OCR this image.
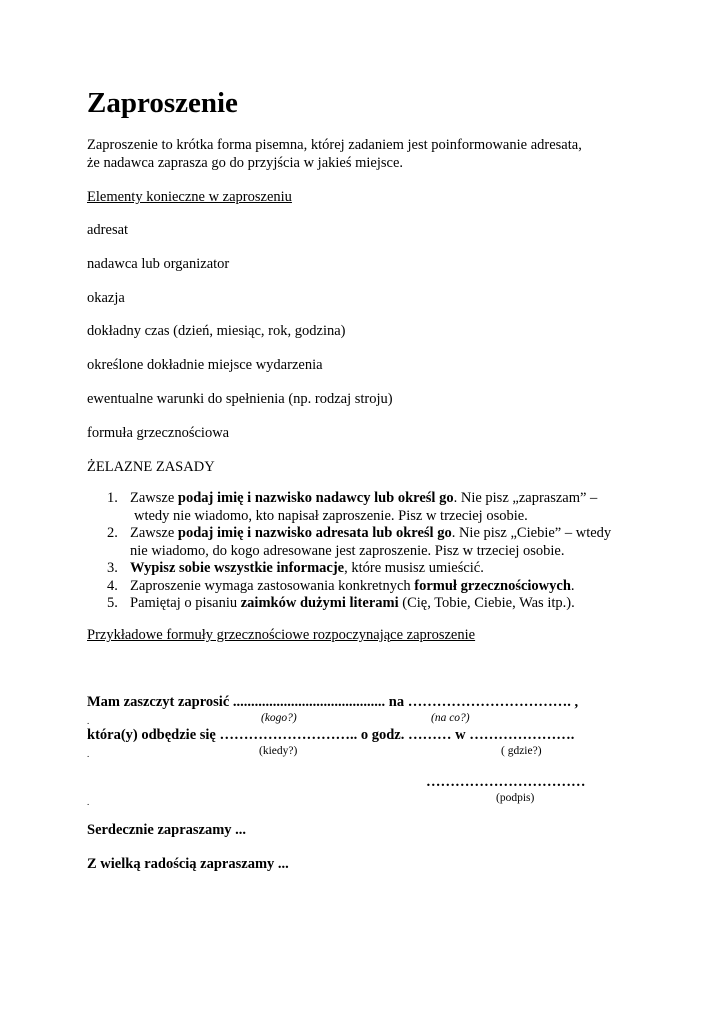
Zaproszenie
Zaproszenie to krótka forma pisemna, której zadaniem jest poinformowanie adresata,
że nadawca zaprasza go do przyjścia w jakieś miejsce.
Elementy konieczne w zaproszeniu
adresat
nadawca lub organizator
okazja
dokładny czas (dzień, miesiąc, rok, godzina)
określone dokładnie miejsce wydarzenia
ewentualne warunki do spełnienia (np. rodzaj stroju)
formuła grzecznościowa
ŻELAZNE ZASADY
1. Zawsze podaj imię i nazwisko nadawcy lub określ go. Nie pisz „zapraszam” –
wtedy nie wiadomo, kto napisał zaproszenie. Pisz w trzeciej osobie.
2. Zawsze podaj imię i nazwisko adresata lub określ go. Nie pisz „Ciebie” – wtedy
nie wiadomo, do kogo adresowane jest zaproszenie. Pisz w trzeciej osobie.
3. Wypisz sobie wszystkie informacje, które musisz umieścić.
4. Zaproszenie wymaga zastosowania konkretnych formuł grzecznościowych.
5. Pamiętaj o pisaniu zaimków dużymi literami (Cię, Tobie, Ciebie, Was itp.).
Przykładowe formuły grzecznościowe rozpoczynające zaproszenie
Mam zaszczyt zaprosić .......................................... na ……………………………. ,
.	(kogo?)	(na co?)
która(y) odbędzie się ……………………….. o godz. ……… w ………………….
.	(kiedy?)	( gdzie?)
……………………………
.	(podpis)
Serdecznie zapraszamy ...
Z wielką radością zapraszamy ...
